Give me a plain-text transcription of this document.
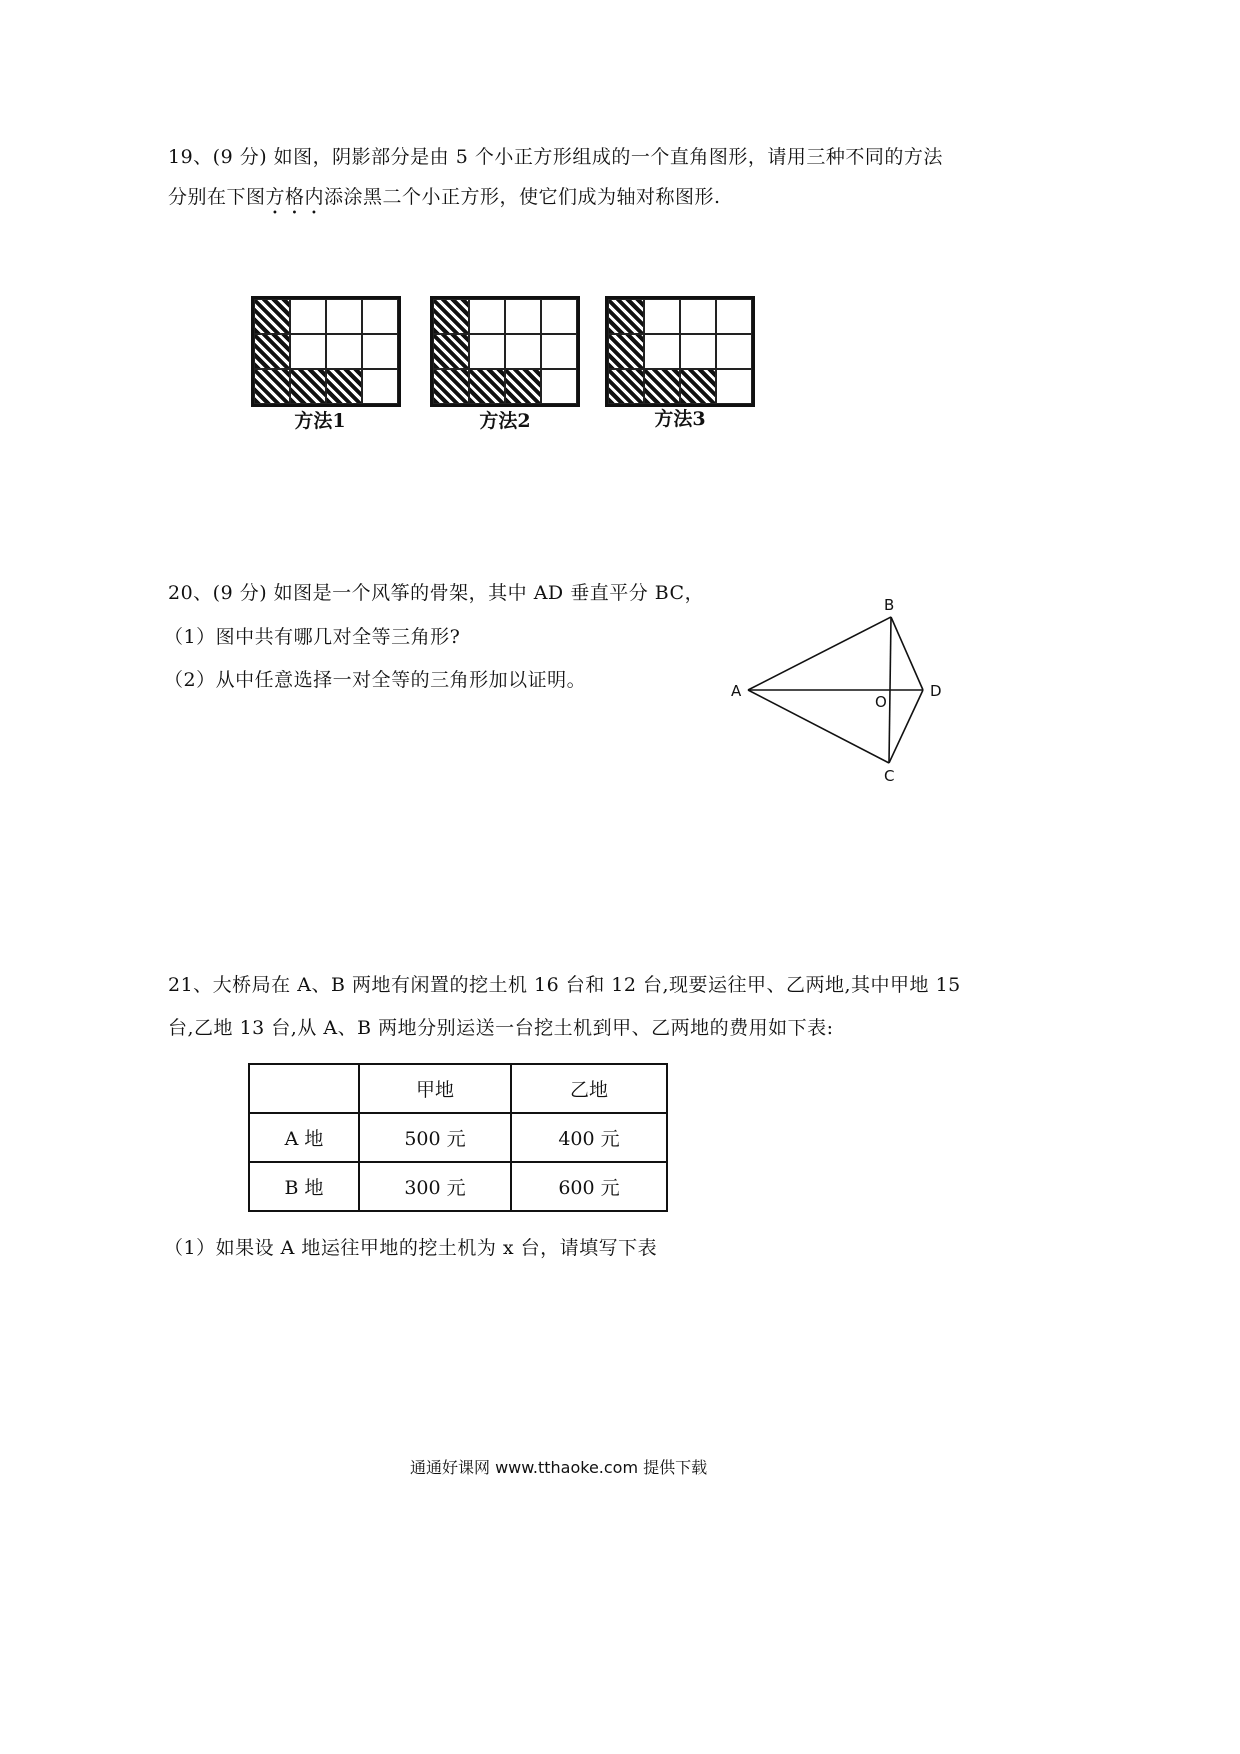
19、(9 分) 如图，阴影部分是由 5 个小正方形组成的一个直角图形，请用三种不同的方法
分别在下图方格内添涂黑二个小正方形，使它们成为轴对称图形.
方法1	方法2	方法3
20、(9 分) 如图是一个风筝的骨架，其中 AD 垂直平分 BC，
（1）图中共有哪几对全等三角形?
（2）从中任意选择一对全等的三角形加以证明。
B
A
O
D
C
21、大桥局在 A、B 两地有闲置的挖土机 16 台和 12 台,现要运往甲、乙两地,其中甲地 15
台,乙地 13 台,从 A、B 两地分别运送一台挖土机到甲、乙两地的费用如下表:
	甲地	乙地
A 地	500 元	400 元
B 地	300 元	600 元
（1）如果设 A 地运往甲地的挖土机为 x 台，请填写下表
通通好课网 www.tthaoke.com 提供下载
